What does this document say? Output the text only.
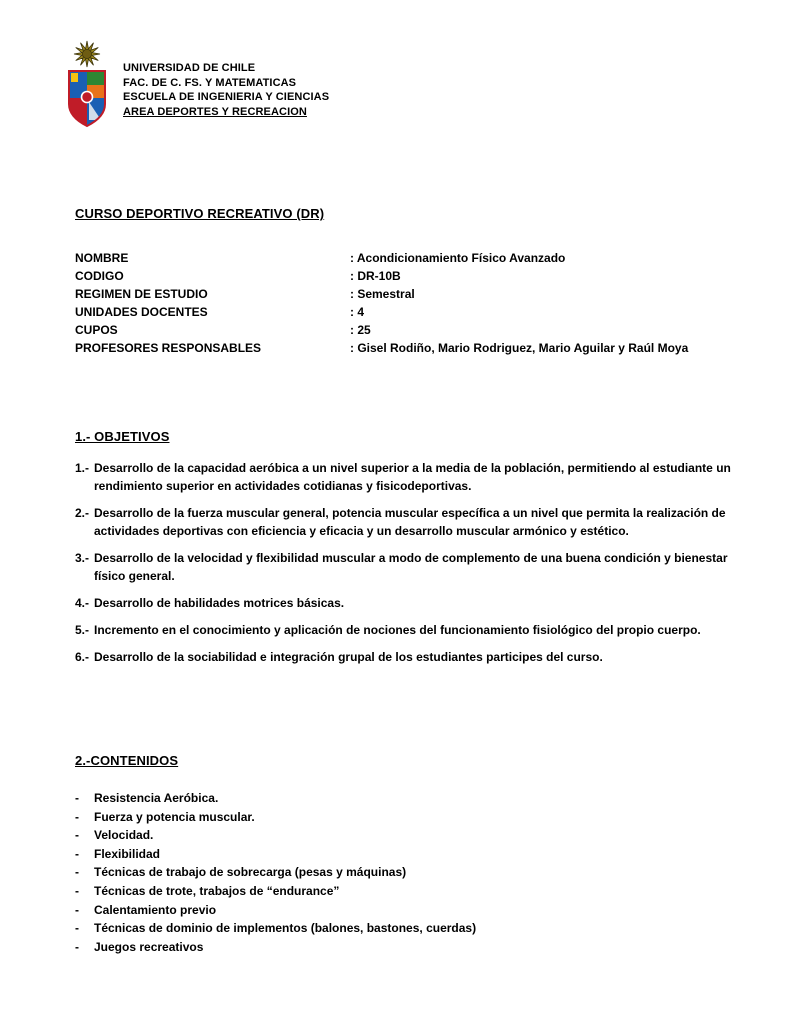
UNIVERSIDAD DE CHILE
FAC. DE C. FS. Y MATEMATICAS
ESCUELA DE INGENIERIA Y CIENCIAS
AREA DEPORTES Y RECREACION
CURSO DEPORTIVO RECREATIVO (DR)
NOMBRE	: Acondicionamiento Físico Avanzado
CODIGO	: DR-10B
REGIMEN DE ESTUDIO	: Semestral
UNIDADES DOCENTES	: 4
CUPOS	: 25
PROFESORES RESPONSABLES	: Gisel Rodiño, Mario Rodriguez, Mario Aguilar y Raúl Moya
1.- OBJETIVOS
1.- Desarrollo de la capacidad aeróbica a un nivel superior a la media de la población, permitiendo al estudiante un rendimiento superior en actividades cotidianas y fisicodeportivas.
2.- Desarrollo de la fuerza muscular general, potencia muscular específica a un nivel que permita la realización de actividades deportivas con eficiencia y eficacia y un desarrollo muscular armónico y estético.
3.- Desarrollo de la velocidad y flexibilidad muscular a modo de complemento de una buena condición y bienestar físico general.
4.- Desarrollo de habilidades motrices básicas.
5.- Incremento en el conocimiento y aplicación de nociones del funcionamiento fisiológico del propio cuerpo.
6.- Desarrollo de la sociabilidad e integración grupal de los estudiantes participes del curso.
2.-CONTENIDOS
-	Resistencia Aeróbica.
-	Fuerza y potencia muscular.
-	Velocidad.
-	Flexibilidad
-	Técnicas de trabajo de sobrecarga (pesas y máquinas)
-	Técnicas de trote, trabajos de “endurance”
-	Calentamiento previo
-	Técnicas de dominio de implementos (balones, bastones, cuerdas)
-	Juegos recreativos
